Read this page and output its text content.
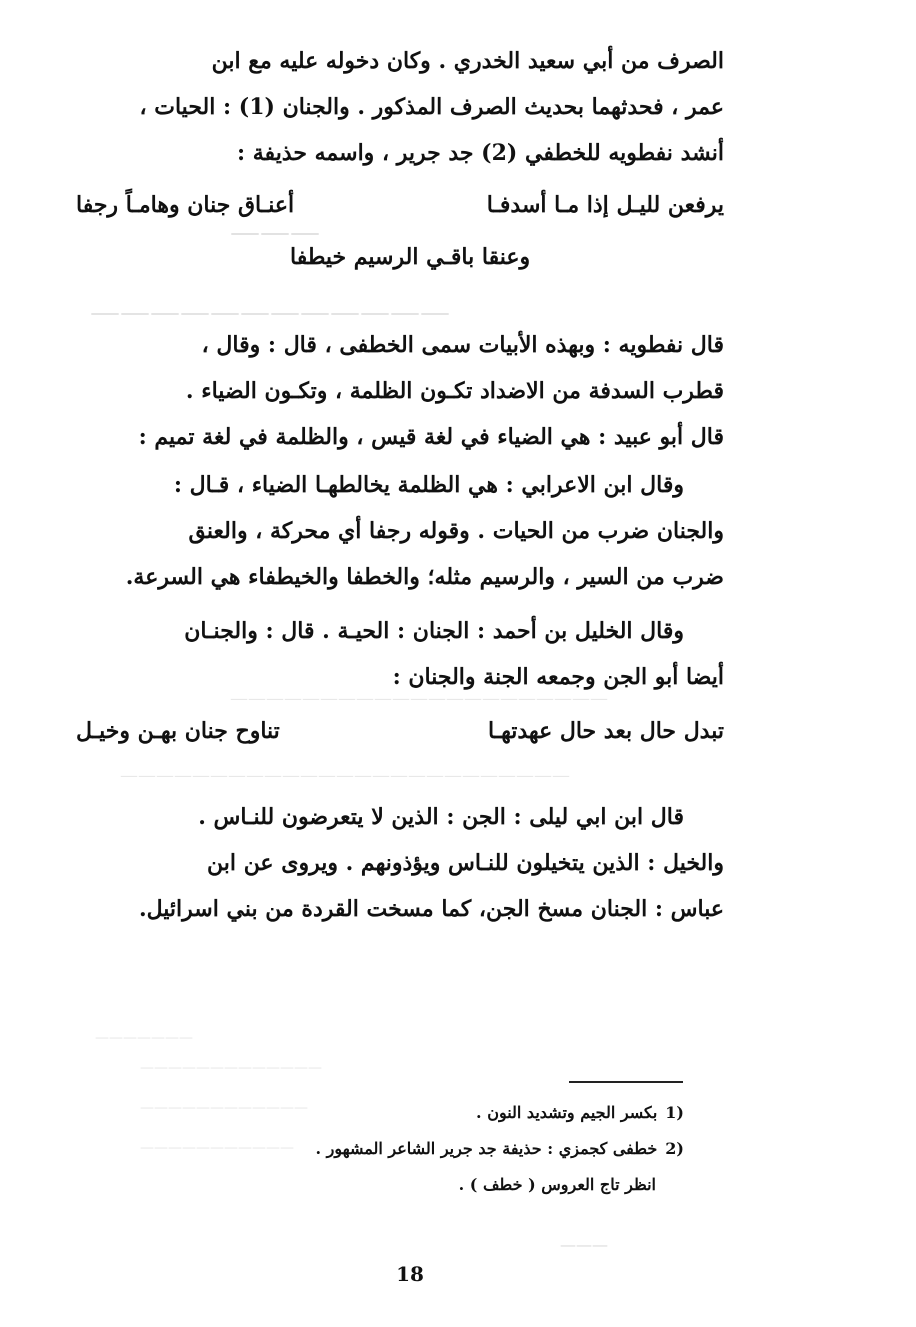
———
————————————
—————————————————————
—————————————————————————
———————
—————————————
————————————
———————————
———

الصرف من أبي سعيد الخدري . وكان دخوله عليه مع ابن

عمر ، فحدثهما بحديث الصرف المذكور . والجنان (1) : الحيات ،

أنشد نفطويه للخطفي (2) جد جرير ، واسمه حذيفة :

يرفعن لليـل إذا مـا أسدفـا
أعنـاق جنان وهامـاً رجفا
وعنقا باقـي الرسيم خيطفا

قال نفطويه : وبهذه الأبيات سمى الخطفى ، قال : وقال ،

قطرب السدفة من الاضداد تكـون الظلمة ، وتكـون الضياء .

قال أبو عبيد : هي الضياء في لغة قيس ، والظلمة في لغة تميم :

وقال ابن الاعرابي : هي الظلمة يخالطهـا الضياء ، قـال :

والجنان ضرب من الحيات . وقوله رجفا أي محركة ، والعنق

ضرب من السير ، والرسيم مثله؛ والخطفا والخيطفاء هي السرعة.

وقال الخليل بن أحمد : الجنان : الحيـة . قال : والجنـان

أيضا أبو الجن وجمعه الجنة والجنان :

تبدل حال بعد حال عهدتهـا
تناوح جنان بهـن وخيـل

قال ابن ابي ليلى : الجن : الذين لا يتعرضون للنـاس .

والخيل : الذين يتخيلون للنـاس ويؤذونهم . ويروى عن ابن

عباس : الجنان مسخ الجن، كما مسخت القردة من بني اسرائيل.

(1بكسر الجيم وتشديد النون .
(2خطفى كجمزي : حذيفة جد جرير الشاعر المشهور .
انظر تاج العروس ( خطف ) .
18
